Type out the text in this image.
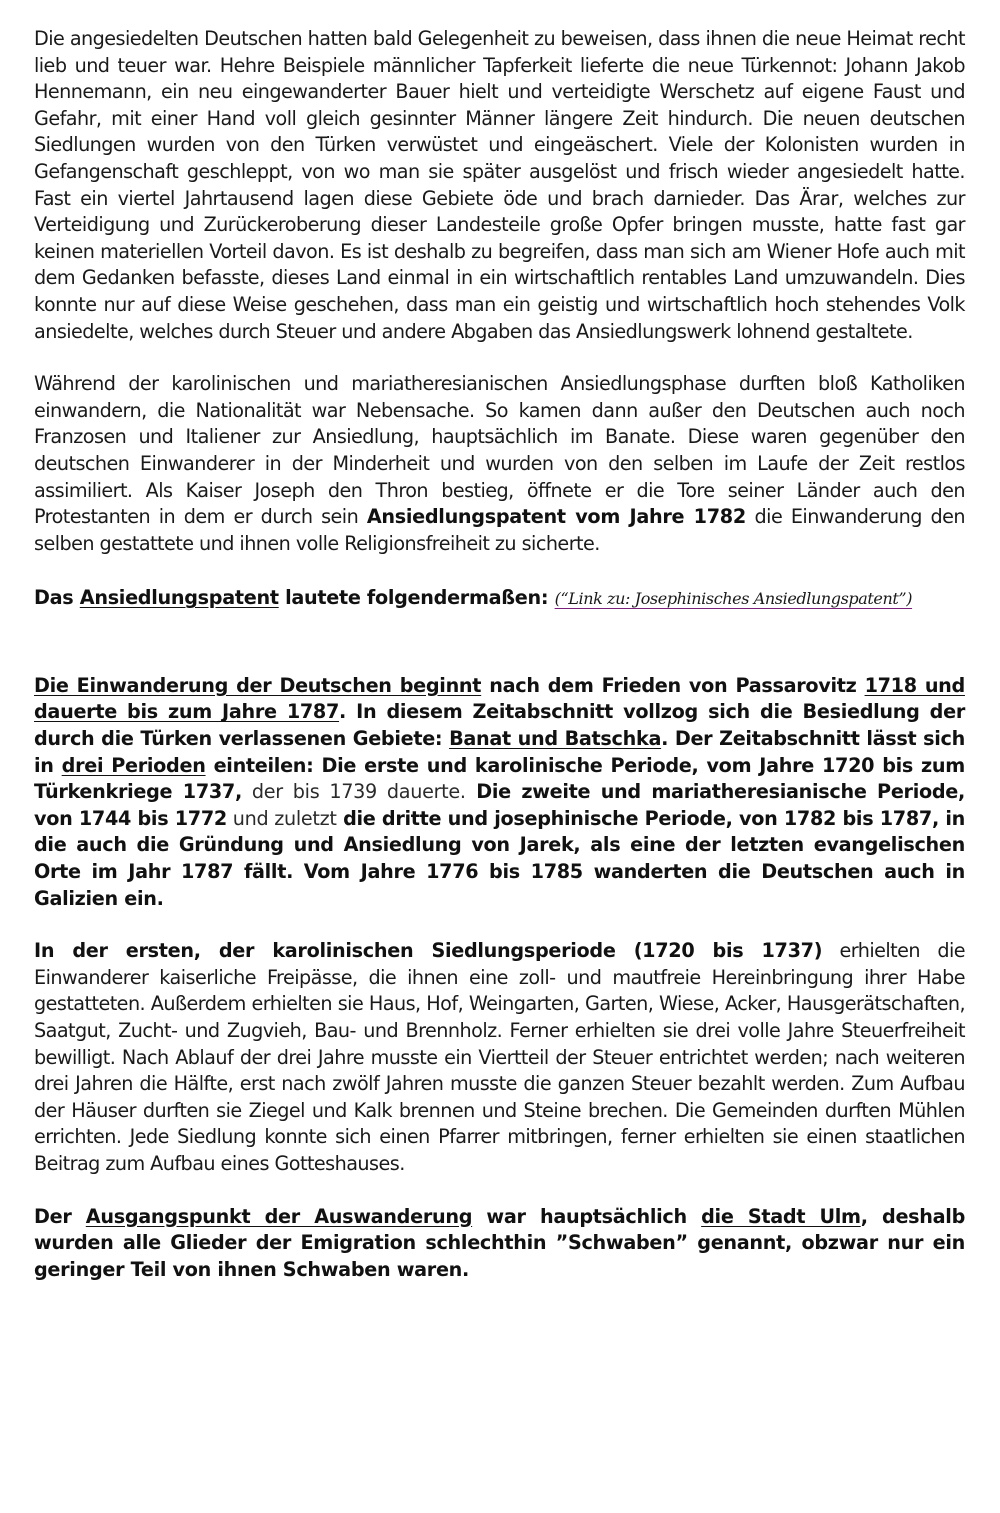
Die angesiedelten Deutschen hatten bald Gelegenheit zu beweisen, dass ihnen die neue Heimat recht lieb und teuer war. Hehre Beispiele männlicher Tapferkeit lieferte die neue Türkennot: Johann Jakob Hennemann, ein neu eingewanderter Bauer hielt und verteidigte Werschetz auf eigene Faust und Gefahr, mit einer Hand voll gleich gesinnter Männer längere Zeit hindurch. Die neuen deutschen Siedlungen wurden von den Türken verwüstet und eingeäschert. Viele der Kolonisten wurden in Gefangenschaft geschleppt, von wo man sie später ausgelöst und frisch wieder angesiedelt hatte. Fast ein viertel Jahrtausend lagen diese Gebiete öde und brach darnieder. Das Ärar, welches zur Verteidigung und Zurückeroberung dieser Landesteile große Opfer bringen musste, hatte fast gar keinen materiellen Vorteil davon. Es ist deshalb zu begreifen, dass man sich am Wiener Hofe auch mit dem Gedanken befasste, dieses Land einmal in ein wirtschaftlich rentables Land umzuwandeln. Dies konnte nur auf diese Weise geschehen, dass man ein geistig und wirtschaftlich hoch stehendes Volk ansiedelte, welches durch Steuer und andere Abgaben das Ansiedlungswerk lohnend gestaltete.

Während der karolinischen und mariatheresianischen Ansiedlungsphase durften bloß Katholiken einwandern, die Nationalität war Nebensache. So kamen dann außer den Deutschen auch noch Franzosen und Italiener zur Ansiedlung, hauptsächlich im Banate. Diese waren gegenüber den deutschen Einwanderer in der Minderheit und wurden von den selben im Laufe der Zeit restlos assimiliert. Als Kaiser Joseph den Thron bestieg, öffnete er die Tore seiner Länder auch den Protestanten in dem er durch sein Ansiedlungspatent vom Jahre 1782 die Einwanderung den selben gestattete und ihnen volle Religionsfreiheit zu sicherte.

Das Ansiedlungspatent lautete folgendermaßen: (“Link zu: Josephinisches Ansiedlungspatent”)

Die Einwanderung der Deutschen beginnt nach dem Frieden von Passarovitz 1718 und dauerte bis zum Jahre 1787. In diesem Zeitabschnitt vollzog sich die Besiedlung der durch die Türken verlassenen Gebiete: Banat und Batschka. Der Zeitabschnitt lässt sich in drei Perioden einteilen: Die erste und karolinische Periode, vom Jahre 1720 bis zum Türkenkriege 1737, der bis 1739 dauerte. Die zweite und mariatheresianische Periode, von 1744 bis 1772 und zuletzt die dritte und josephinische Periode, von 1782 bis 1787, in die auch die Gründung und Ansiedlung von Jarek, als eine der letzten evangelischen Orte im Jahr 1787 fällt. Vom Jahre 1776 bis 1785 wanderten die Deutschen auch in Galizien ein.

In der ersten, der karolinischen Siedlungsperiode (1720 bis 1737) erhielten die Einwanderer kaiserliche Freipässe, die ihnen eine zoll- und mautfreie Hereinbringung ihrer Habe gestatteten. Außerdem erhielten sie Haus, Hof, Weingarten, Garten, Wiese, Acker, Hausgerätschaften, Saatgut, Zucht- und Zugvieh, Bau- und Brennholz. Ferner erhielten sie drei volle Jahre Steuerfreiheit bewilligt. Nach Ablauf der drei Jahre musste ein Viertteil der Steuer entrichtet werden; nach weiteren drei Jahren die Hälfte, erst nach zwölf Jahren musste die ganzen Steuer bezahlt werden. Zum Aufbau der Häuser durften sie Ziegel und Kalk brennen und Steine brechen. Die Gemeinden durften Mühlen errichten. Jede Siedlung konnte sich einen Pfarrer mitbringen, ferner erhielten sie einen staatlichen Beitrag zum Aufbau eines Gotteshauses.

Der Ausgangspunkt der Auswanderung war hauptsächlich die Stadt Ulm, deshalb wurden alle Glieder der Emigration schlechthin ”Schwaben” genannt, obzwar nur ein geringer Teil von ihnen Schwaben waren.
